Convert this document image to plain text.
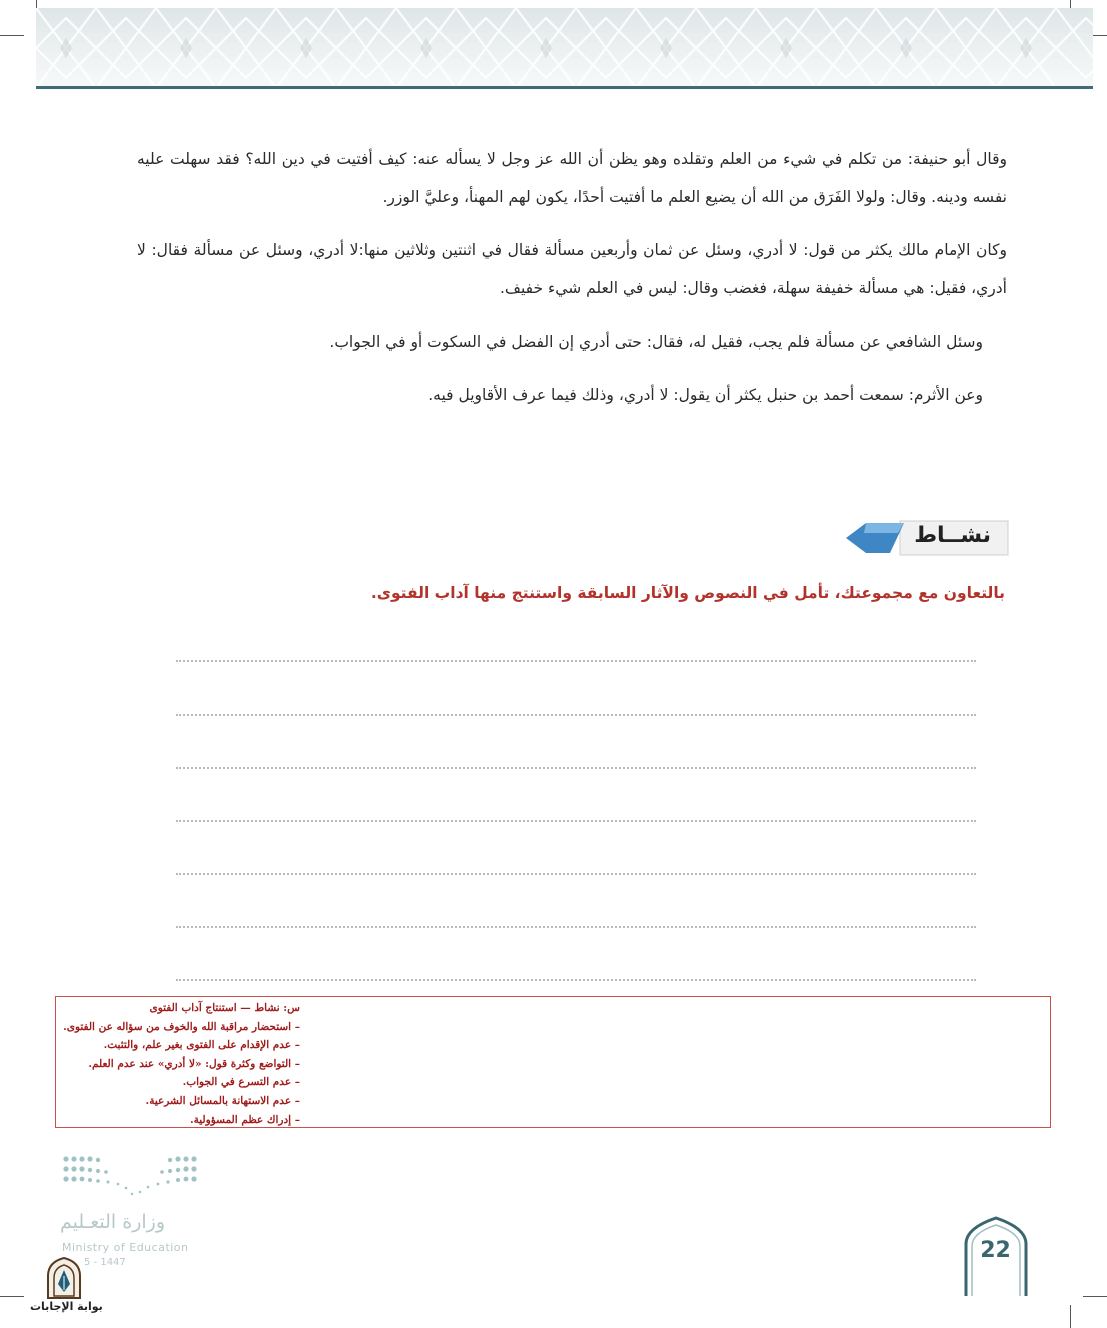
وقال أبو حنيفة: من تكلم في شيء من العلم وتقلده وهو يظن أن الله عز وجل لا يسأله عنه: كيف أفتيت في دين الله؟ فقد سهلت عليه نفسه ودينه. وقال: ولولا الفَرَق من الله أن يضيع العلم ما أفتيت أحدًا، يكون لهم المهنأ، وعليَّ الوزر.

وكان الإمام مالك يكثر من قول: لا أدري، وسئل عن ثمان وأربعين مسألة فقال في اثنتين وثلاثين منها:لا أدري، وسئل عن مسألة فقال: لا أدري، فقيل: هي مسألة خفيفة سهلة، فغضب وقال: ليس في العلم شيء خفيف.

وسئل الشافعي عن مسألة فلم يجب، فقيل له، فقال: حتى أدري إن الفضل في السكوت أو في الجواب.

وعن الأثرم: سمعت أحمد بن حنبل يكثر أن يقول: لا أدري، وذلك فيما عرف الأقاويل فيه.

نشــاط
بالتعاون مع مجموعتك، تأمل في النصوص والآثار السابقة واستنتج منها آداب الفتوى.
س: نشاط — استنتاج آداب الفتوى
– استحضار مراقبة الله والخوف من سؤاله عن الفتوى.
– عدم الإقدام على الفتوى بغير علم، والتثبت.
– التواضع وكثرة قول: «لا أدري» عند عدم العلم.
– عدم التسرع في الجواب.
– عدم الاستهانة بالمسائل الشرعية.
– إدراك عظم المسؤولية.
وزارة التعـليم
Ministry of Education
5 - 1447
بوابة الإجابات
22
